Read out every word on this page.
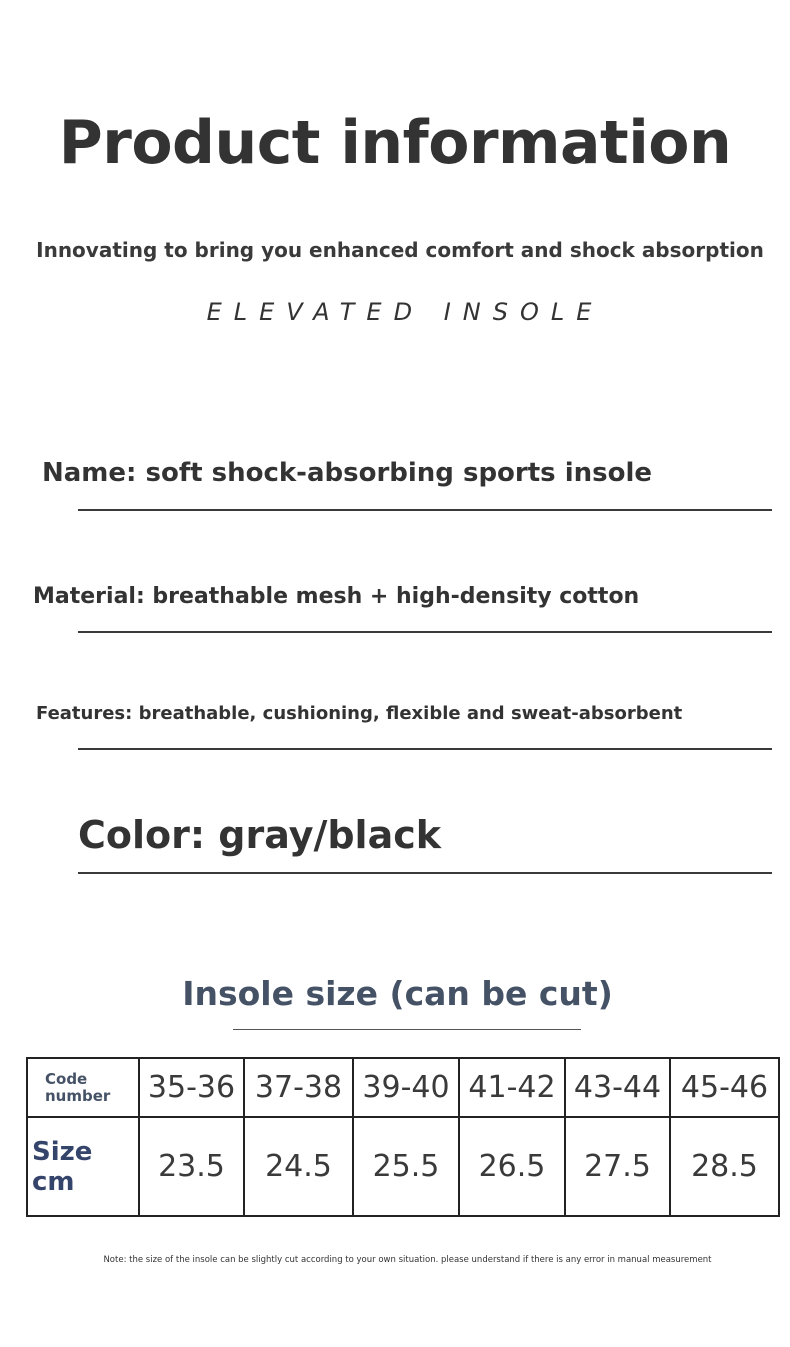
Product information
Innovating to bring you enhanced comfort and shock absorption
ELEVATED INSOLE
Name: soft shock-absorbing sports insole
Material: breathable mesh + high-density cotton
Features: breathable, cushioning, flexible and sweat-absorbent
Color: gray/black
Insole size (can be cut)
Code number	35-36	37-38	39-40	41-42	43-44	45-46
Size cm	23.5	24.5	25.5	26.5	27.5	28.5
Note: the size of the insole can be slightly cut according to your own situation. please understand if there is any error in manual measurement
